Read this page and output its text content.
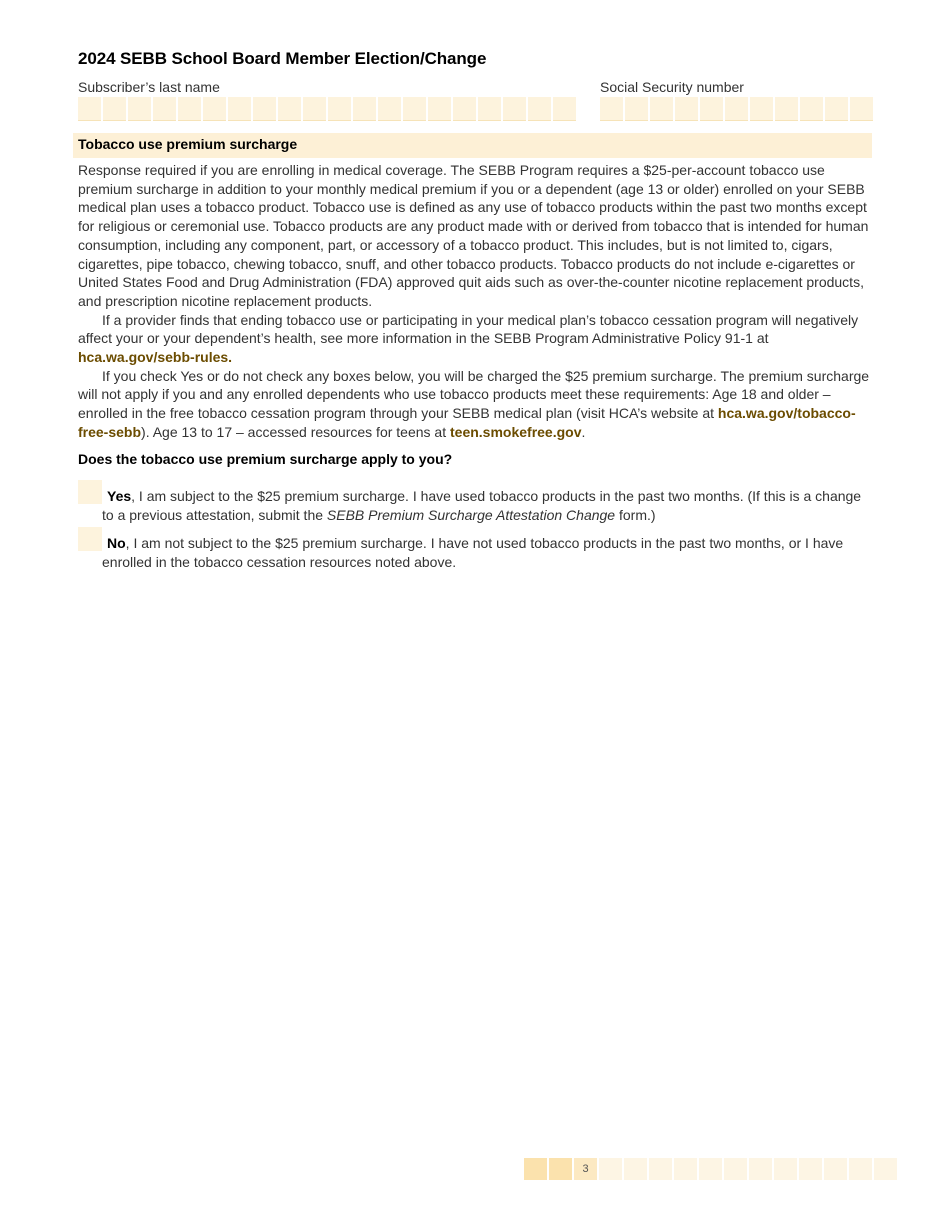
2024 SEBB School Board Member Election/Change
Subscriber’s last name	Social Security number
Tobacco use premium surcharge

Response required if you are enrolling in medical coverage. The SEBB Program requires a $25-per-account tobacco use premium surcharge in addition to your monthly medical premium if you or a dependent (age 13 or older) enrolled on your SEBB medical plan uses a tobacco product. Tobacco use is defined as any use of tobacco products within the past two months except for religious or ceremonial use. Tobacco products are any product made with or derived from tobacco that is intended for human consumption, including any component, part, or accessory of a tobacco product. This includes, but is not limited to, cigars, cigarettes, pipe tobacco, chewing tobacco, snuff, and other tobacco products. Tobacco products do not include e-cigarettes or United States Food and Drug Administration (FDA) approved quit aids such as over-the-counter nicotine replacement products, and prescription nicotine replacement products.

If a provider finds that ending tobacco use or participating in your medical plan’s tobacco cessation program will negatively affect your or your dependent’s health, see more information in the SEBB Program Administrative Policy 91-1 at hca.wa.gov/sebb-rules.

If you check Yes or do not check any boxes below, you will be charged the $25 premium surcharge. The premium surcharge will not apply if you and any enrolled dependents who use tobacco products meet these requirements: Age 18 and older – enrolled in the free tobacco cessation program through your SEBB medical plan (visit HCA’s website at hca.wa.gov/tobacco-free-sebb). Age 13 to 17 – accessed resources for teens at teen.smokefree.gov.

Does the tobacco use premium surcharge apply to you?
Yes, I am subject to the $25 premium surcharge. I have used tobacco products in the past two months. (If this is a change to a previous attestation, submit the SEBB Premium Surcharge Attestation Change form.)
No, I am not subject to the $25 premium surcharge. I have not used tobacco products in the past two months, or I have enrolled in the tobacco cessation resources noted above.
3
